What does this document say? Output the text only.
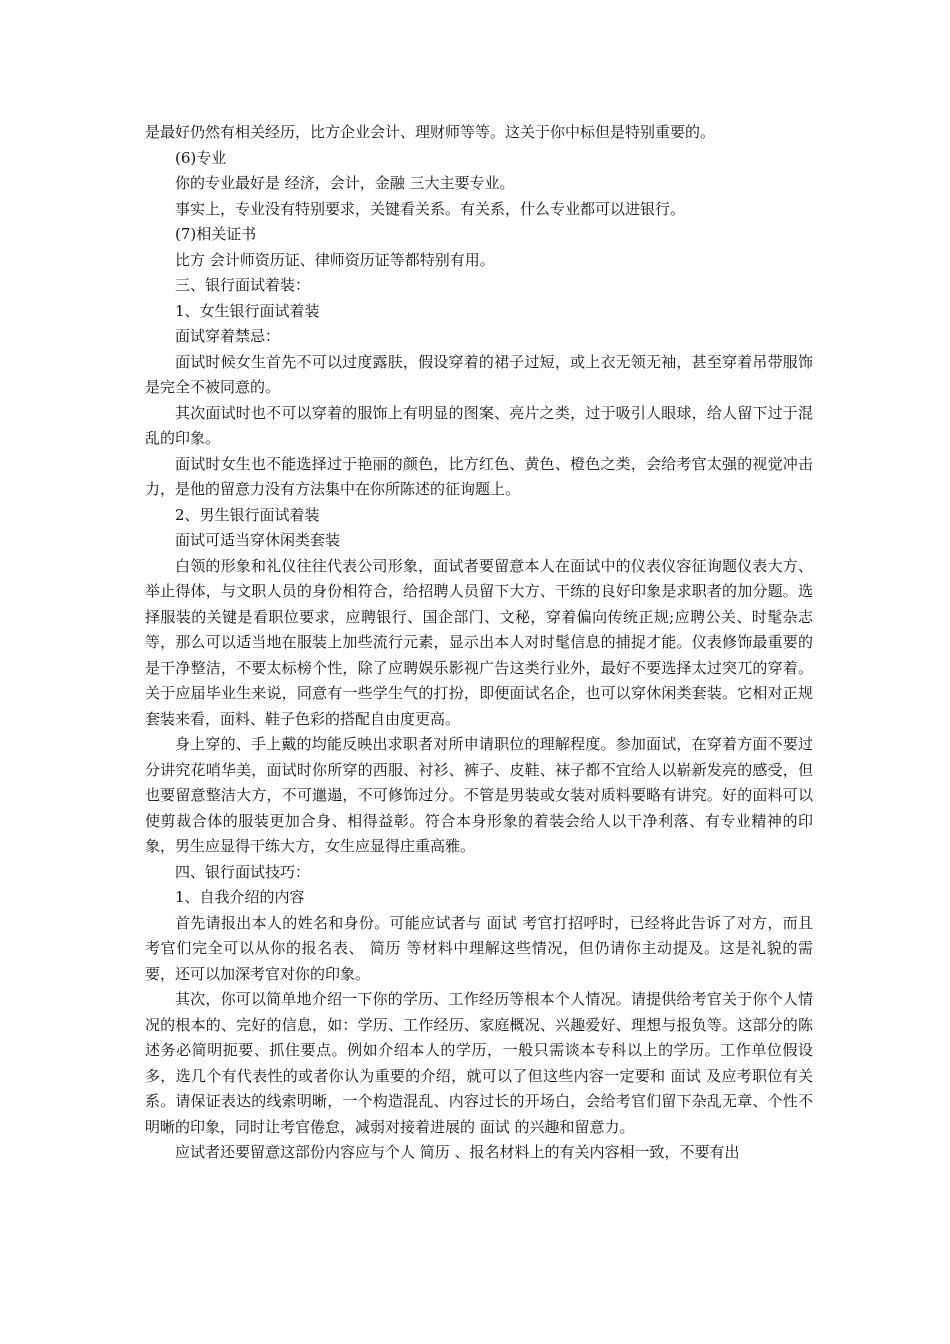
是最好仍然有相关经历，比方企业会计、理财师等等。这关于你中标但是特别重要的。

(6)专业

你的专业最好是 经济，会计，金融 三大主要专业。

事实上，专业没有特别要求，关键看关系。有关系，什么专业都可以进银行。

(7)相关证书

比方 会计师资历证、律师资历证等都特别有用。

三、银行面试着装：

1、女生银行面试着装

面试穿着禁忌：

面试时候女生首先不可以过度露肤，假设穿着的裙子过短，或上衣无领无袖，甚至穿着吊带服饰是完全不被同意的。

其次面试时也不可以穿着的服饰上有明显的图案、亮片之类，过于吸引人眼球，给人留下过于混乱的印象。

面试时女生也不能选择过于艳丽的颜色，比方红色、黄色、橙色之类，会给考官太强的视觉冲击力，是他的留意力没有方法集中在你所陈述的征询题上。

2、男生银行面试着装

面试可适当穿休闲类套装

白领的形象和礼仪往往代表公司形象，面试者要留意本人在面试中的仪表仪容征询题仪表大方、举止得体，与文职人员的身份相符合，给招聘人员留下大方、干练的良好印象是求职者的加分题。选择服装的关键是看职位要求，应聘银行、国企部门、文秘，穿着偏向传统正规;应聘公关、时髦杂志等，那么可以适当地在服装上加些流行元素，显示出本人对时髦信息的捕捉才能。仪表修饰最重要的是干净整洁，不要太标榜个性，除了应聘娱乐影视广告这类行业外，最好不要选择太过突兀的穿着。关于应届毕业生来说，同意有一些学生气的打扮，即便面试名企，也可以穿休闲类套装。它相对正规套装来看，面料、鞋子色彩的搭配自由度更高。

身上穿的、手上戴的均能反映出求职者对所申请职位的理解程度。参加面试，在穿着方面不要过分讲究花哨华美，面试时你所穿的西服、衬衫、裤子、皮鞋、袜子都不宜给人以崭新发亮的感受，但也要留意整洁大方，不可邋遢，不可修饰过分。不管是男装或女装对质料要略有讲究。好的面料可以使剪裁合体的服装更加合身、相得益彰。符合本身形象的着装会给人以干净利落、有专业精神的印象，男生应显得干练大方，女生应显得庄重高雅。

四、银行面试技巧：

1、自我介绍的内容

首先请报出本人的姓名和身份。可能应试者与 面试 考官打招呼时，已经将此告诉了对方，而且考官们完全可以从你的报名表、 简历 等材料中理解这些情况，但仍请你主动提及。这是礼貌的需要，还可以加深考官对你的印象。

其次，你可以简单地介绍一下你的学历、工作经历等根本个人情况。请提供给考官关于你个人情况的根本的、完好的信息，如：学历、工作经历、家庭概况、兴趣爱好、理想与报负等。这部分的陈述务必简明扼要、抓住要点。例如介绍本人的学历，一般只需谈本专科以上的学历。工作单位假设多，选几个有代表性的或者你认为重要的介绍，就可以了但这些内容一定要和 面试 及应考职位有关系。请保证表达的线索明晰，一个构造混乱、内容过长的开场白，会给考官们留下杂乱无章、个性不明晰的印象，同时让考官倦怠，减弱对接着进展的 面试 的兴趣和留意力。

应试者还要留意这部份内容应与个人 简历 、报名材料上的有关内容相一致，不要有出
